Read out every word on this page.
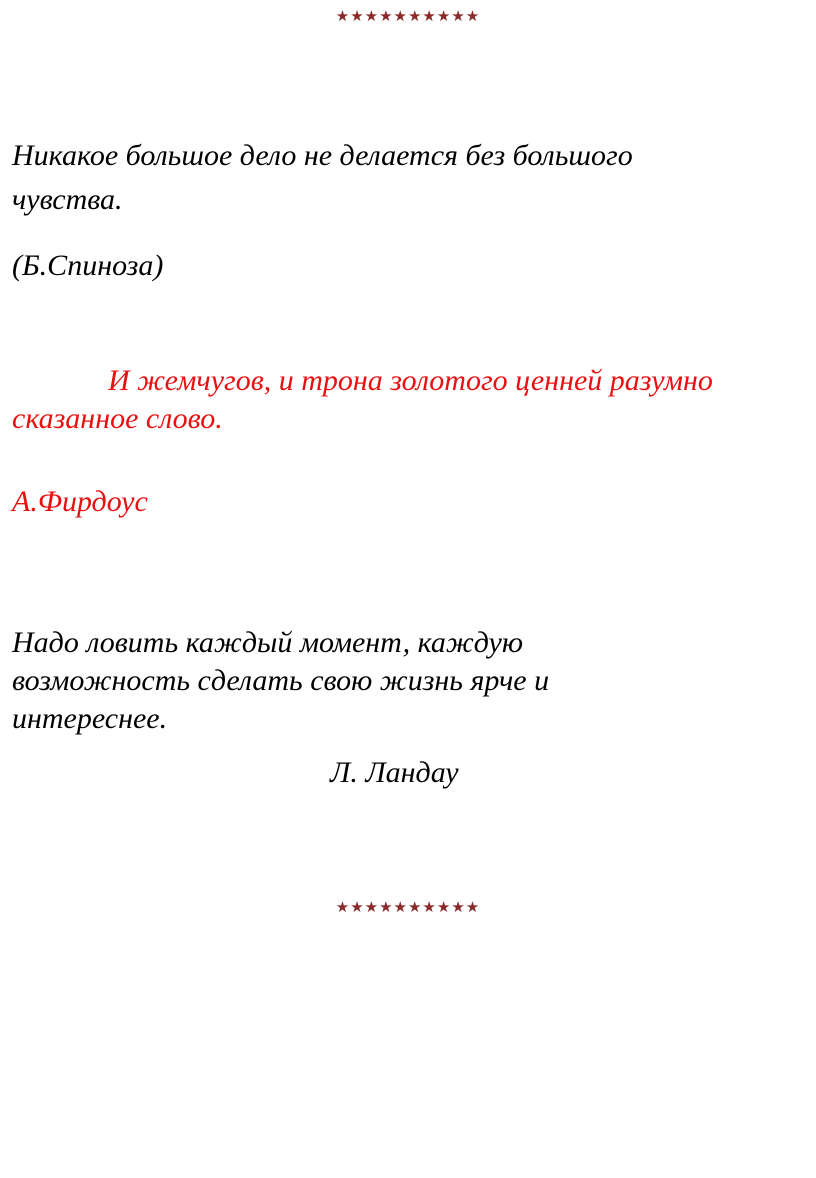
★★★★★★★★★★
Никакое большое дело не делается без большого
чувства.
(Б.Спиноза)
И жемчугов, и трона золотого ценней разумно
сказанное слово.
А.Фирдоус
Надо ловить каждый момент, каждую
возможность сделать свою жизнь ярче и
интереснее.
Л. Ландау
★★★★★★★★★★
